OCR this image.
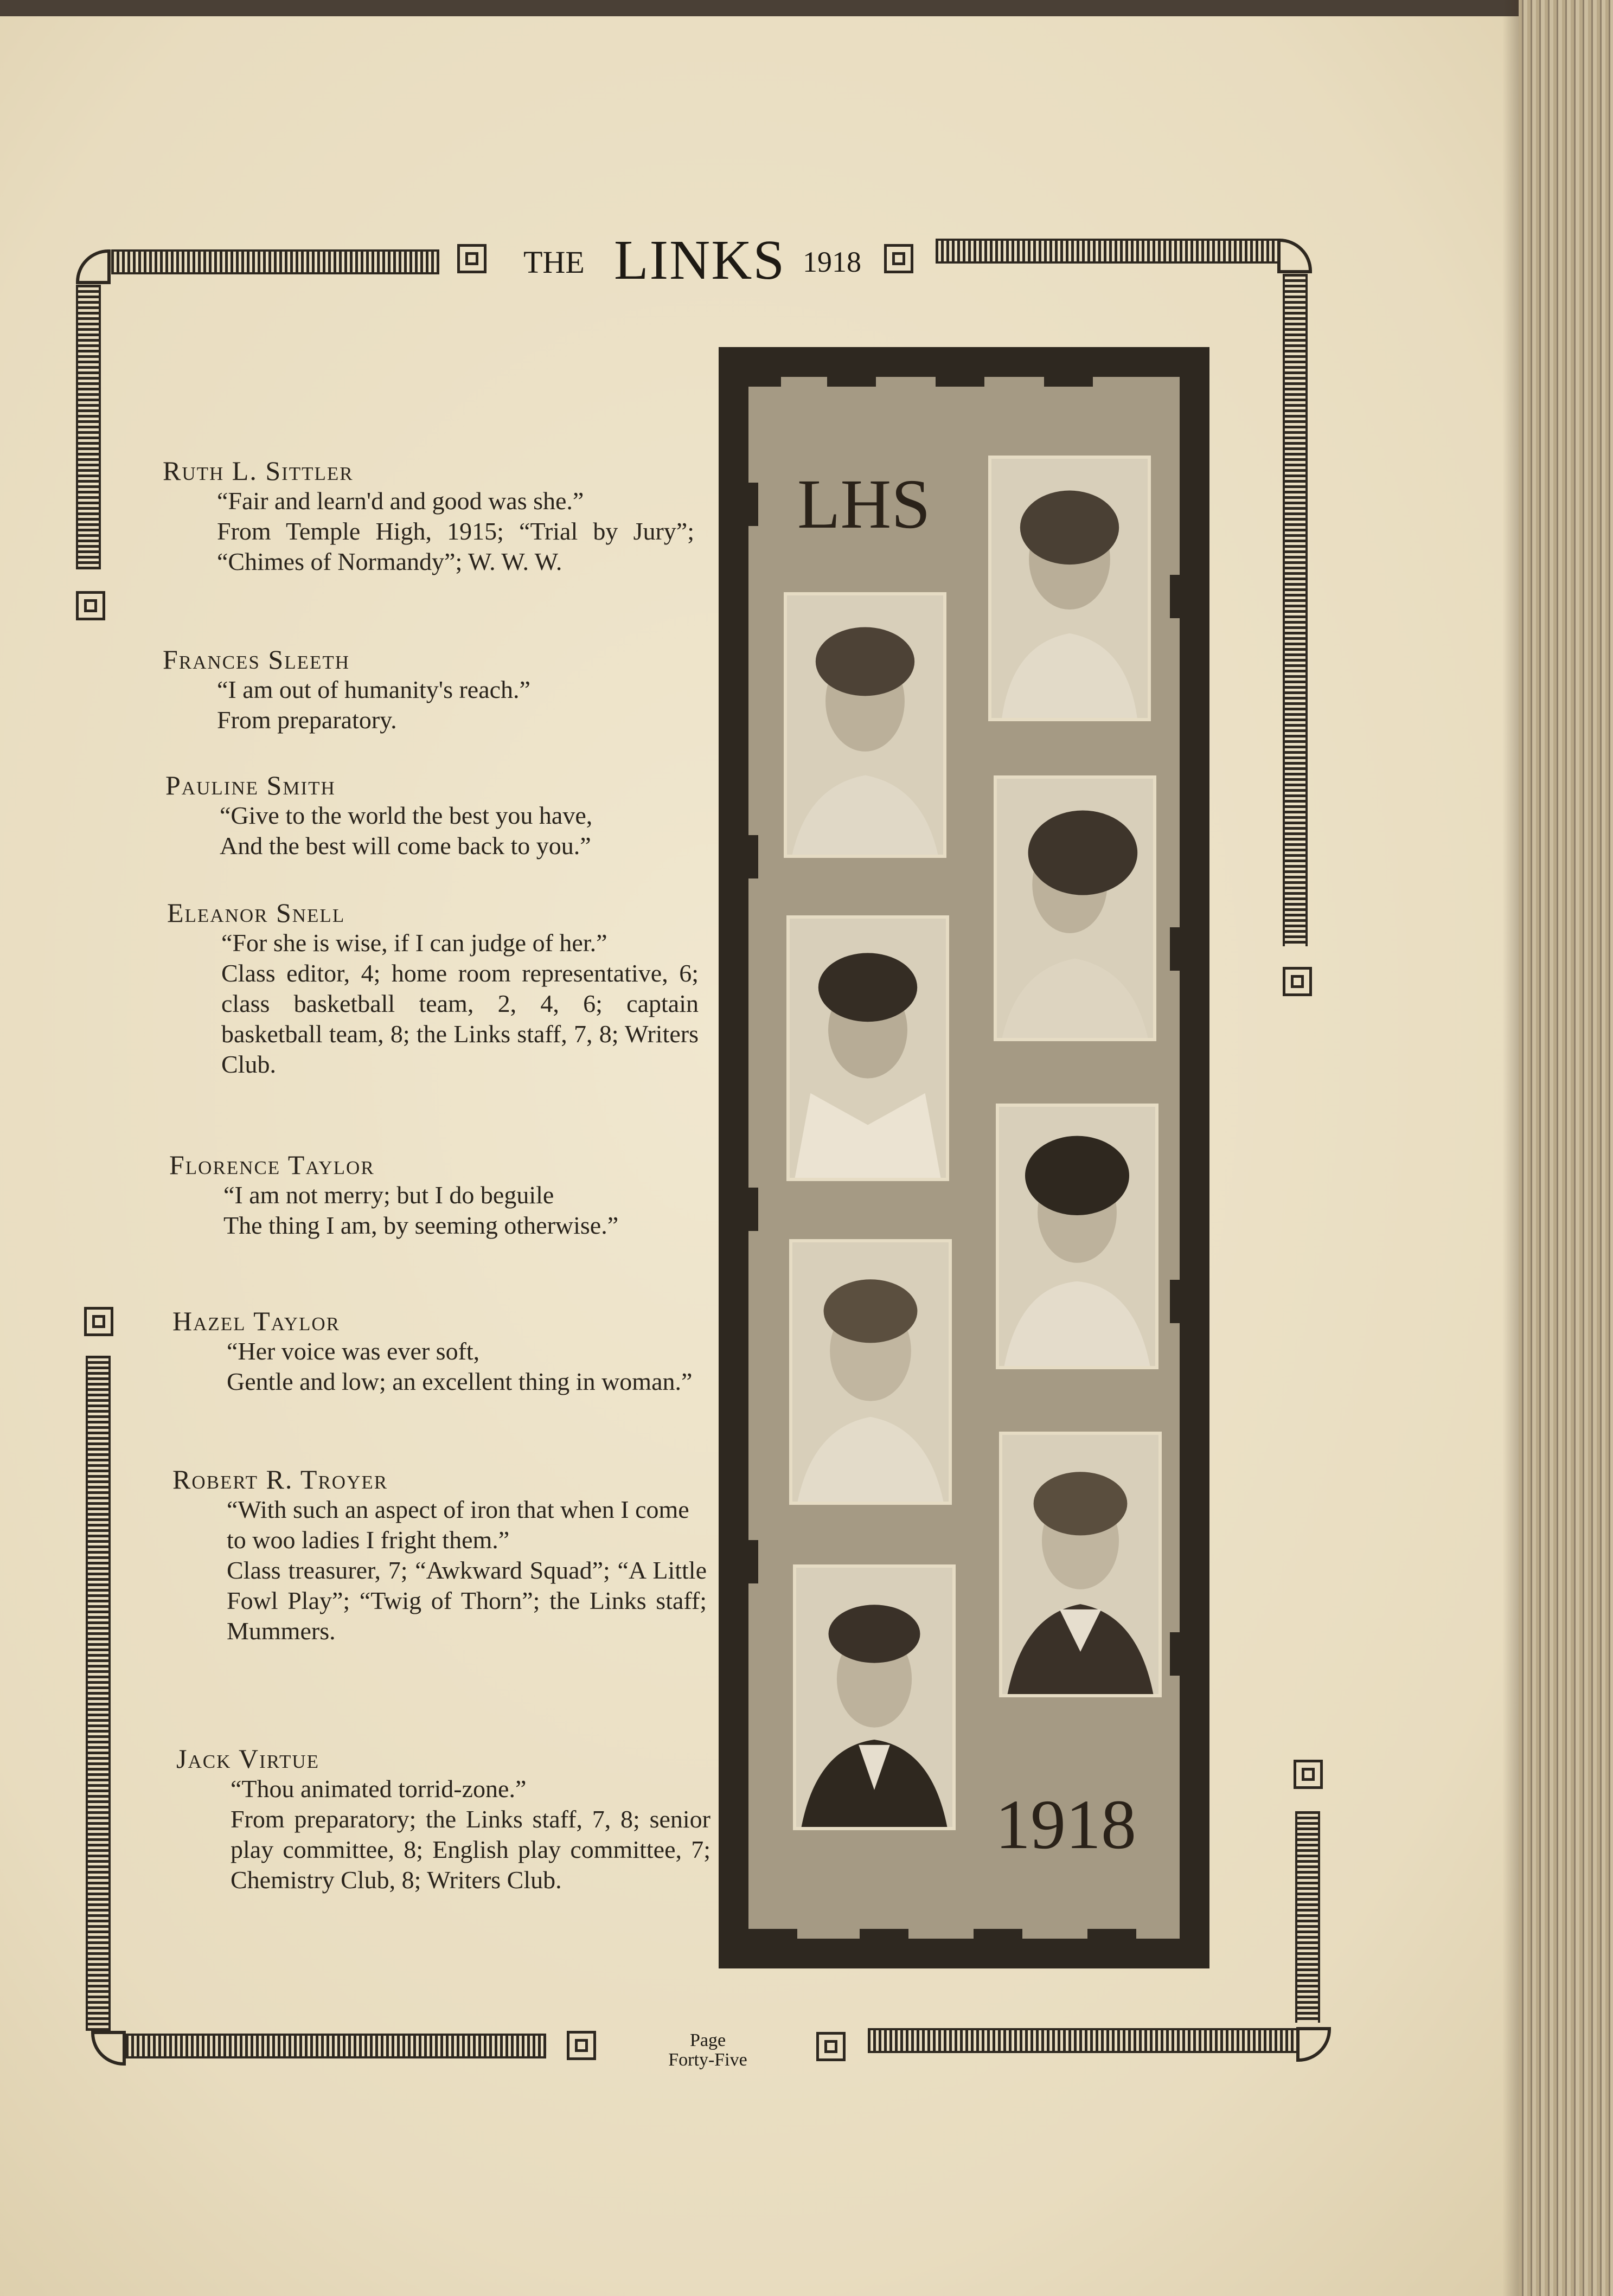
THE LINKS 1918

Ruth L. Sittler

“Fair and learn'd and good was she.”

From Temple High, 1915; “Trial by Jury”; “Chimes of Normandy”; W. W. W.

Frances Sleeth

“I am out of humanity's reach.”

From preparatory.

Pauline Smith

“Give to the world the best you have,
And the best will come back to you.”

Eleanor Snell

“For she is wise, if I can judge of her.”

Class editor, 4; home room representative, 6; class basketball team, 2, 4, 6; captain basketball team, 8; the Links staff, 7, 8; Writers Club.

Florence Taylor

“I am not merry; but I do beguile
The thing I am, by seeming otherwise.”

Hazel Taylor

“Her voice was ever soft,
Gentle and low; an excellent thing in woman.”

Robert R. Troyer

“With such an aspect of iron that when I come to woo ladies I fright them.”

Class treasurer, 7; “Awkward Squad”; “A Little Fowl Play”; “Twig of Thorn”; the Links staff; Mummers.

Jack Virtue

“Thou animated torrid-zone.”

From preparatory; the Links staff, 7, 8; senior play committee, 8; English play committee, 7; Chemistry Club, 8; Writers Club.

LHS
1918
Page
Forty-Five
